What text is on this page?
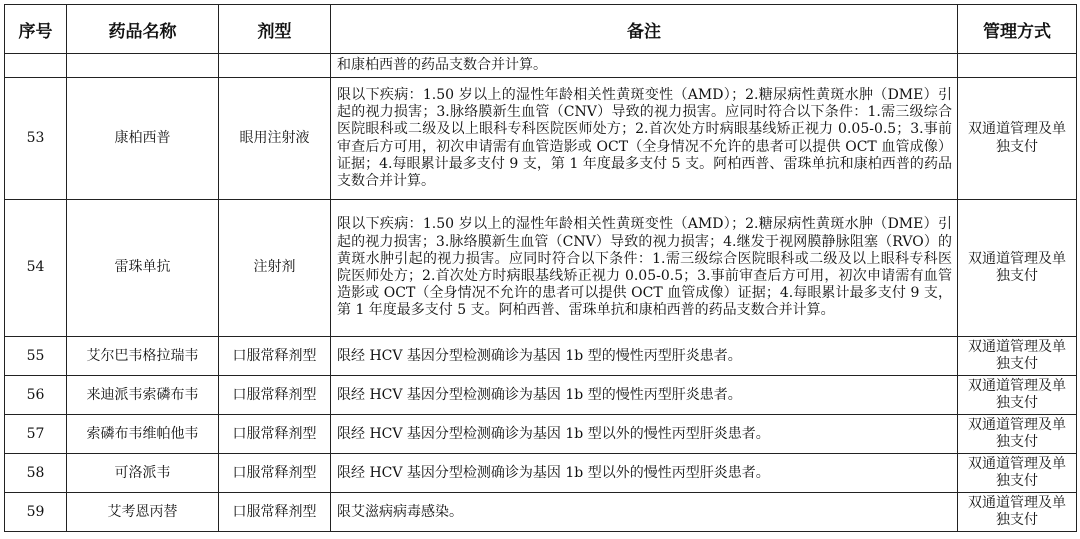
序号	药品名称	剂型	备注	管理方式
			和康柏西普的药品支数合并计算。	
53	康柏西普	眼用注射液	限以下疾病：1.50 岁以上的湿性年龄相关性黄斑变性（AMD）；2.糖尿病性黄斑水肿（DME）引起的视力损害；3.脉络膜新生血管（CNV）导致的视力损害。应同时符合以下条件：1.需三级综合医院眼科或二级及以上眼科专科医院医师处方；2.首次处方时病眼基线矫正视力 0.05-0.5；3.事前审查后方可用，初次申请需有血管造影或 OCT（全身情况不允许的患者可以提供 OCT 血管成像）证据；4.每眼累计最多支付 9 支，第 1 年度最多支付 5 支。阿柏西普、雷珠单抗和康柏西普的药品支数合并计算。	双通道管理及单独支付
54	雷珠单抗	注射剂	限以下疾病：1.50 岁以上的湿性年龄相关性黄斑变性（AMD）；2.糖尿病性黄斑水肿（DME）引起的视力损害；3.脉络膜新生血管（CNV）导致的视力损害；4.继发于视网膜静脉阻塞（RVO）的黄斑水肿引起的视力损害。应同时符合以下条件：1.需三级综合医院眼科或二级及以上眼科专科医院医师处方；2.首次处方时病眼基线矫正视力 0.05-0.5；3.事前审查后方可用，初次申请需有血管造影或 OCT（全身情况不允许的患者可以提供 OCT 血管成像）证据；4.每眼累计最多支付 9 支，第 1 年度最多支付 5 支。阿柏西普、雷珠单抗和康柏西普的药品支数合并计算。	双通道管理及单独支付
55	艾尔巴韦格拉瑞韦	口服常释剂型	限经 HCV 基因分型检测确诊为基因 1b 型的慢性丙型肝炎患者。	双通道管理及单独支付
56	来迪派韦索磷布韦	口服常释剂型	限经 HCV 基因分型检测确诊为基因 1b 型的慢性丙型肝炎患者。	双通道管理及单独支付
57	索磷布韦维帕他韦	口服常释剂型	限经 HCV 基因分型检测确诊为基因 1b 型以外的慢性丙型肝炎患者。	双通道管理及单独支付
58	可洛派韦	口服常释剂型	限经 HCV 基因分型检测确诊为基因 1b 型以外的慢性丙型肝炎患者。	双通道管理及单独支付
59	艾考恩丙替	口服常释剂型	限艾滋病病毒感染。	双通道管理及单独支付
